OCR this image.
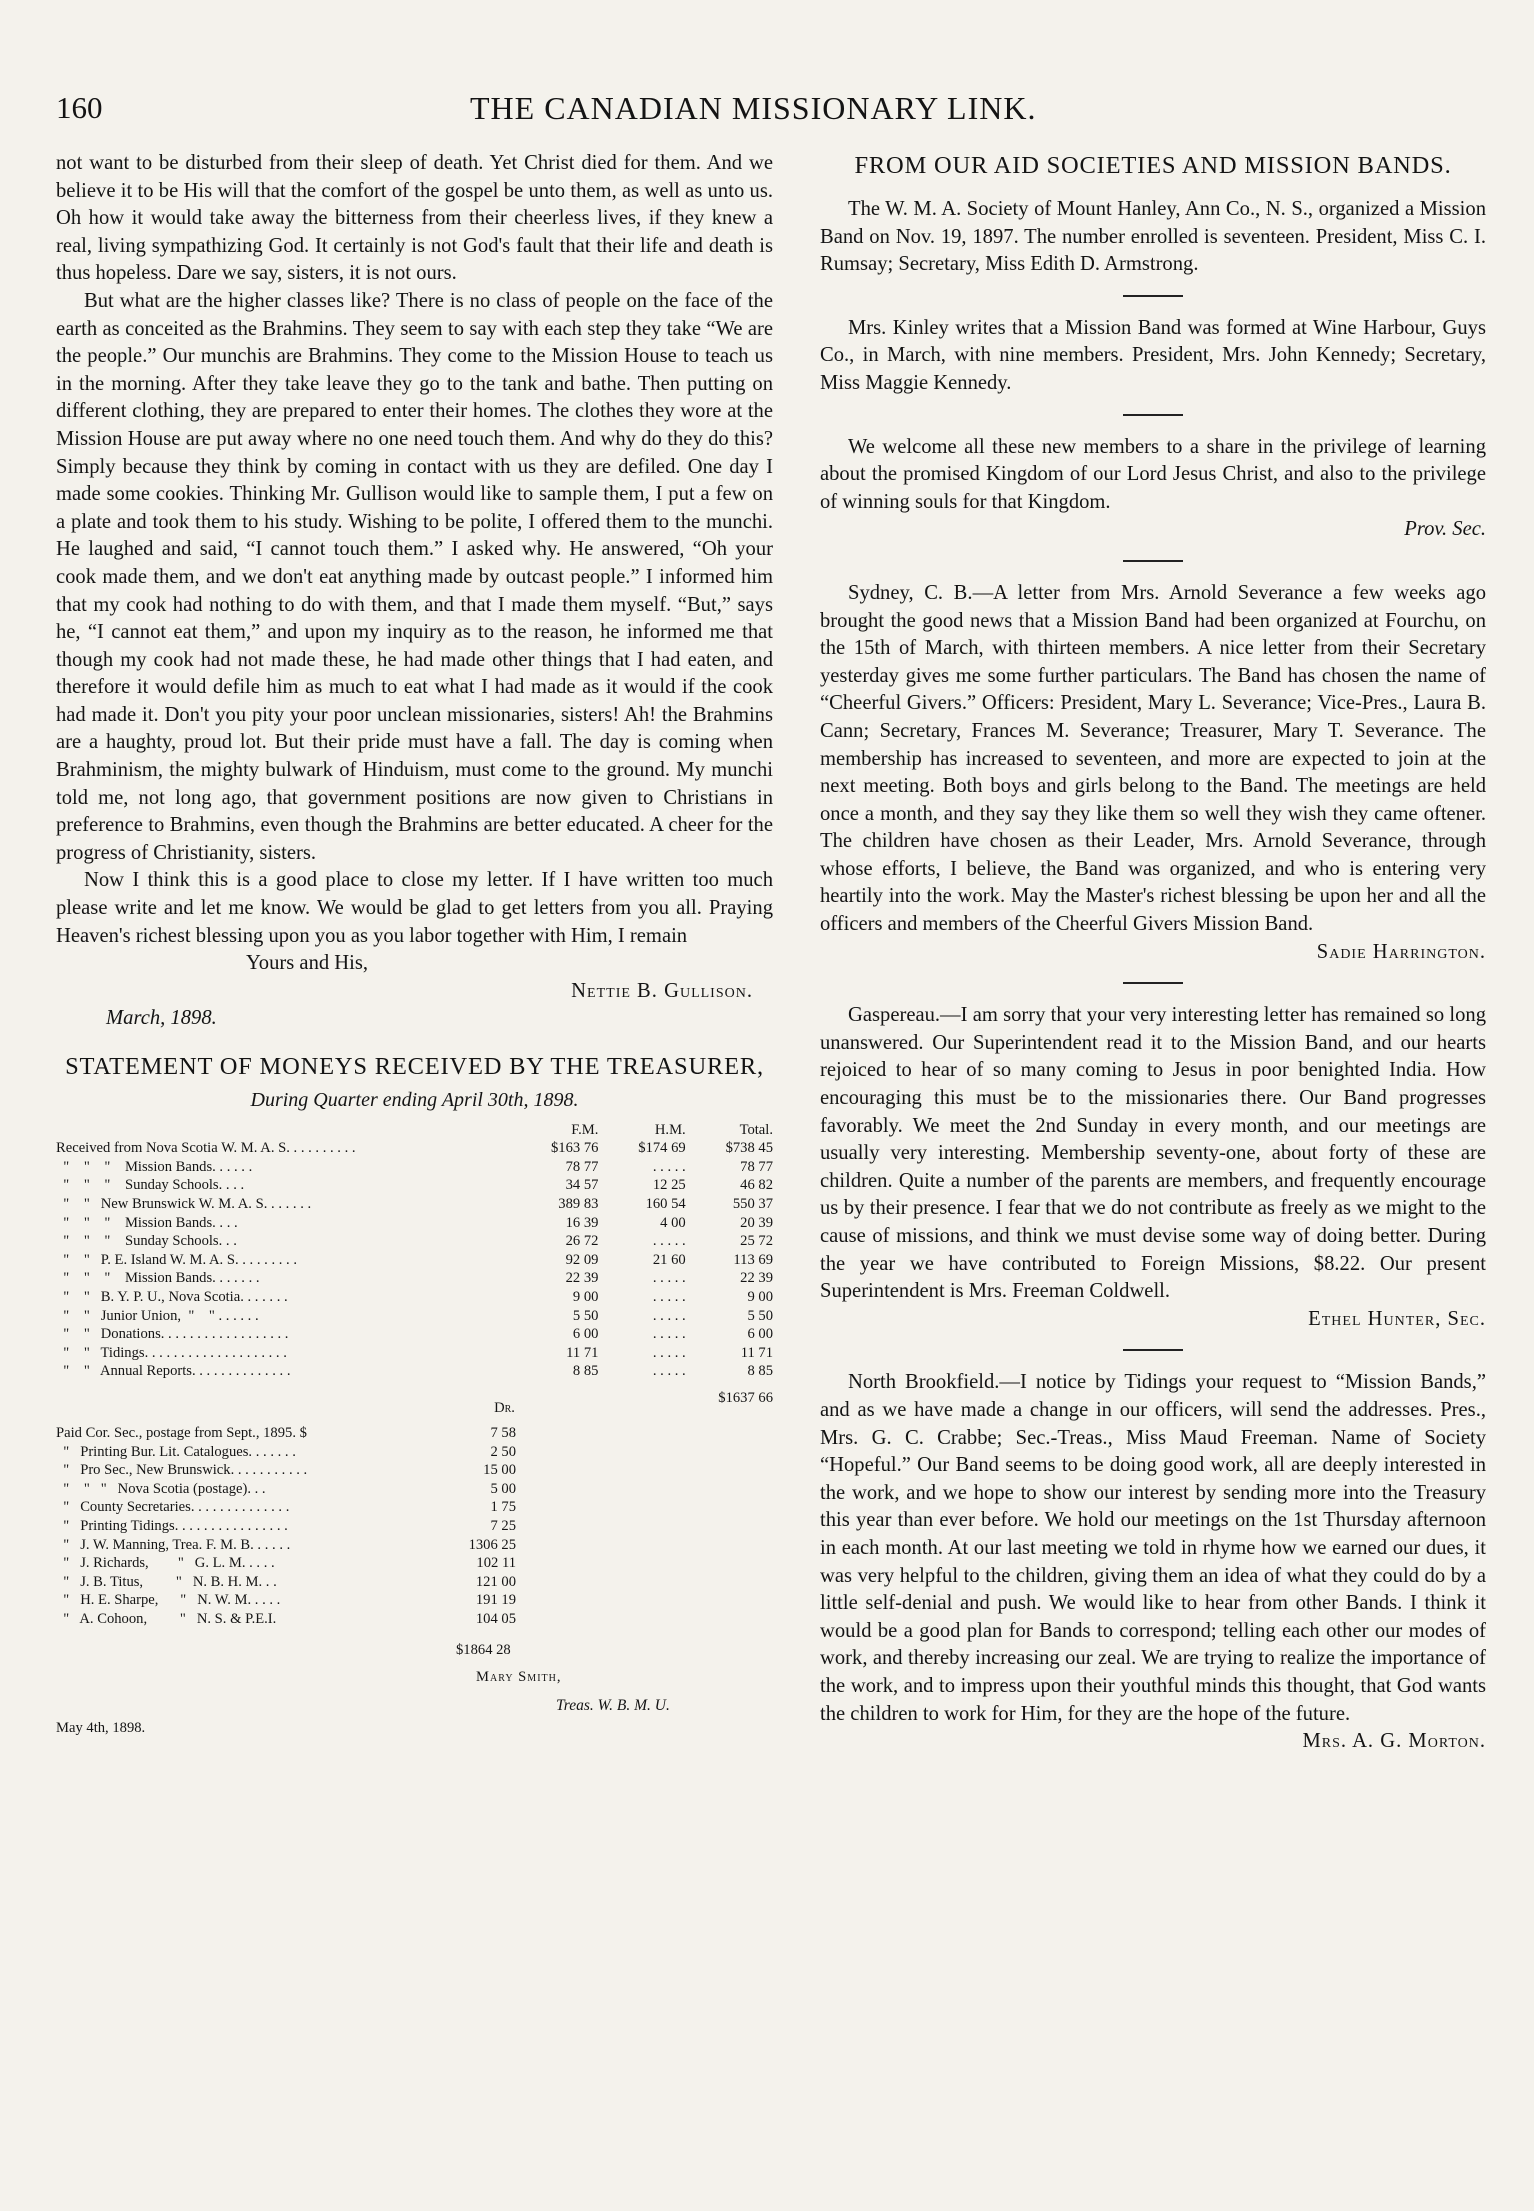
160	THE CANADIAN MISSIONARY LINK.

not want to be disturbed from their sleep of death. Yet Christ died for them. And we believe it to be His will that the comfort of the gospel be unto them, as well as unto us. Oh how it would take away the bitterness from their cheerless lives, if they knew a real, living sympathizing God. It certainly is not God's fault that their life and death is thus hopeless. Dare we say, sisters, it is not ours.

But what are the higher classes like? There is no class of people on the face of the earth as conceited as the Brahmins. They seem to say with each step they take “We are the people.” Our munchis are Brahmins. They come to the Mission House to teach us in the morning. After they take leave they go to the tank and bathe. Then putting on different clothing, they are prepared to enter their homes. The clothes they wore at the Mission House are put away where no one need touch them. And why do they do this? Simply because they think by coming in contact with us they are defiled. One day I made some cookies. Thinking Mr. Gullison would like to sample them, I put a few on a plate and took them to his study. Wishing to be polite, I offered them to the munchi. He laughed and said, “I cannot touch them.” I asked why. He answered, “Oh your cook made them, and we don't eat anything made by outcast people.” I informed him that my cook had nothing to do with them, and that I made them myself. “But,” says he, “I cannot eat them,” and upon my inquiry as to the reason, he informed me that though my cook had not made these, he had made other things that I had eaten, and therefore it would defile him as much to eat what I had made as it would if the cook had made it. Don't you pity your poor unclean missionaries, sisters! Ah! the Brahmins are a haughty, proud lot. But their pride must have a fall. The day is coming when Brahminism, the mighty bulwark of Hinduism, must come to the ground. My munchi told me, not long ago, that government positions are now given to Christians in preference to Brahmins, even though the Brahmins are better educated. A cheer for the progress of Christianity, sisters.

Now I think this is a good place to close my letter. If I have written too much please write and let me know. We would be glad to get letters from you all. Praying Heaven's richest blessing upon you as you labor together with Him, I remain

Yours and His,

Nettie B. Gullison.

March, 1898.

STATEMENT OF MONEYS RECEIVED BY THE TREASURER,
During Quarter ending April 30th, 1898.
	F.M.	H.M.	Total.
Received from Nova Scotia W. M. A. S. . . . . . . . . .	$163 76	$174 69	$738 45
"    "    "    Mission Bands. . . . . .	78 77	. . . . .	78 77
"    "    "    Sunday Schools. . . .	34 57	12 25	46 82
"    "   New Brunswick W. M. A. S. . . . . . .	389 83	160 54	550 37
"    "    "    Mission Bands. . . .	16 39	4 00	20 39
"    "    "    Sunday Schools. . .	26 72	. . . . .	25 72
"    "   P. E. Island W. M. A. S. . . . . . . . .	92 09	21 60	113 69
"    "    "    Mission Bands. . . . . . .	22 39	. . . . .	22 39
"    "   B. Y. P. U., Nova Scotia. . . . . . .	9 00	. . . . .	9 00
"    "   Junior Union,  "    " . . . . . .	5 50	. . . . .	5 50
"    "   Donations. . . . . . . . . . . . . . . . . .	6 00	. . . . .	6 00
"    "   Tidings. . . . . . . . . . . . . . . . . . . .	11 71	. . . . .	11 71
"    "   Annual Reports. . . . . . . . . . . . . .	8 85	. . . . .	8 85
$1637 66
Dr.
Paid Cor. Sec., postage from Sept., 1895. $	7 58
"   Printing Bur. Lit. Catalogues. . . . . . .	2 50
"   Pro Sec., New Brunswick. . . . . . . . . . .	15 00
"    "   "   Nova Scotia (postage). . .	5 00
"   County Secretaries. . . . . . . . . . . . . .	1 75
"   Printing Tidings. . . . . . . . . . . . . . . .	7 25
"   J. W. Manning, Trea. F. M. B. . . . . .	1306 25
"   J. Richards,        "   G. L. M. . . . .	102 11
"   J. B. Titus,         "   N. B. H. M. . .	121 00
"   H. E. Sharpe,      "   N. W. M. . . . .	191 19
"   A. Cohoon,         "   N. S. & P.E.I.	104 05
$1864 28
Mary Smith,
Treas. W. B. M. U.
May 4th, 1898.
FROM OUR AID SOCIETIES AND MISSION BANDS.

The W. M. A. Society of Mount Hanley, Ann Co., N. S., organized a Mission Band on Nov. 19, 1897. The number enrolled is seventeen. President, Miss C. I. Rumsay; Secretary, Miss Edith D. Armstrong.

Mrs. Kinley writes that a Mission Band was formed at Wine Harbour, Guys Co., in March, with nine members. President, Mrs. John Kennedy; Secretary, Miss Maggie Kennedy.

We welcome all these new members to a share in the privilege of learning about the promised Kingdom of our Lord Jesus Christ, and also to the privilege of winning souls for that Kingdom.

Prov. Sec.

Sydney, C. B.—A letter from Mrs. Arnold Severance a few weeks ago brought the good news that a Mission Band had been organized at Fourchu, on the 15th of March, with thirteen members. A nice letter from their Secretary yesterday gives me some further particulars. The Band has chosen the name of “Cheerful Givers.” Officers: President, Mary L. Severance; Vice-Pres., Laura B. Cann; Secretary, Frances M. Severance; Treasurer, Mary T. Severance. The membership has increased to seventeen, and more are expected to join at the next meeting. Both boys and girls belong to the Band. The meetings are held once a month, and they say they like them so well they wish they came oftener. The children have chosen as their Leader, Mrs. Arnold Severance, through whose efforts, I believe, the Band was organized, and who is entering very heartily into the work. May the Master's richest blessing be upon her and all the officers and members of the Cheerful Givers Mission Band.

Sadie Harrington.

Gaspereau.—I am sorry that your very interesting letter has remained so long unanswered. Our Superintendent read it to the Mission Band, and our hearts rejoiced to hear of so many coming to Jesus in poor benighted India. How encouraging this must be to the missionaries there. Our Band progresses favorably. We meet the 2nd Sunday in every month, and our meetings are usually very interesting. Membership seventy-one, about forty of these are children. Quite a number of the parents are members, and frequently encourage us by their presence. I fear that we do not contribute as freely as we might to the cause of missions, and think we must devise some way of doing better. During the year we have contributed to Foreign Missions, $8.22. Our present Superintendent is Mrs. Freeman Coldwell.

Ethel Hunter, Sec.

North Brookfield.—I notice by Tidings your request to “Mission Bands,” and as we have made a change in our officers, will send the addresses. Pres., Mrs. G. C. Crabbe; Sec.-Treas., Miss Maud Freeman. Name of Society “Hopeful.” Our Band seems to be doing good work, all are deeply interested in the work, and we hope to show our interest by sending more into the Treasury this year than ever before. We hold our meetings on the 1st Thursday afternoon in each month. At our last meeting we told in rhyme how we earned our dues, it was very helpful to the children, giving them an idea of what they could do by a little self-denial and push. We would like to hear from other Bands. I think it would be a good plan for Bands to correspond; telling each other our modes of work, and thereby increasing our zeal. We are trying to realize the importance of the work, and to impress upon their youthful minds this thought, that God wants the children to work for Him, for they are the hope of the future.

Mrs. A. G. Morton.
